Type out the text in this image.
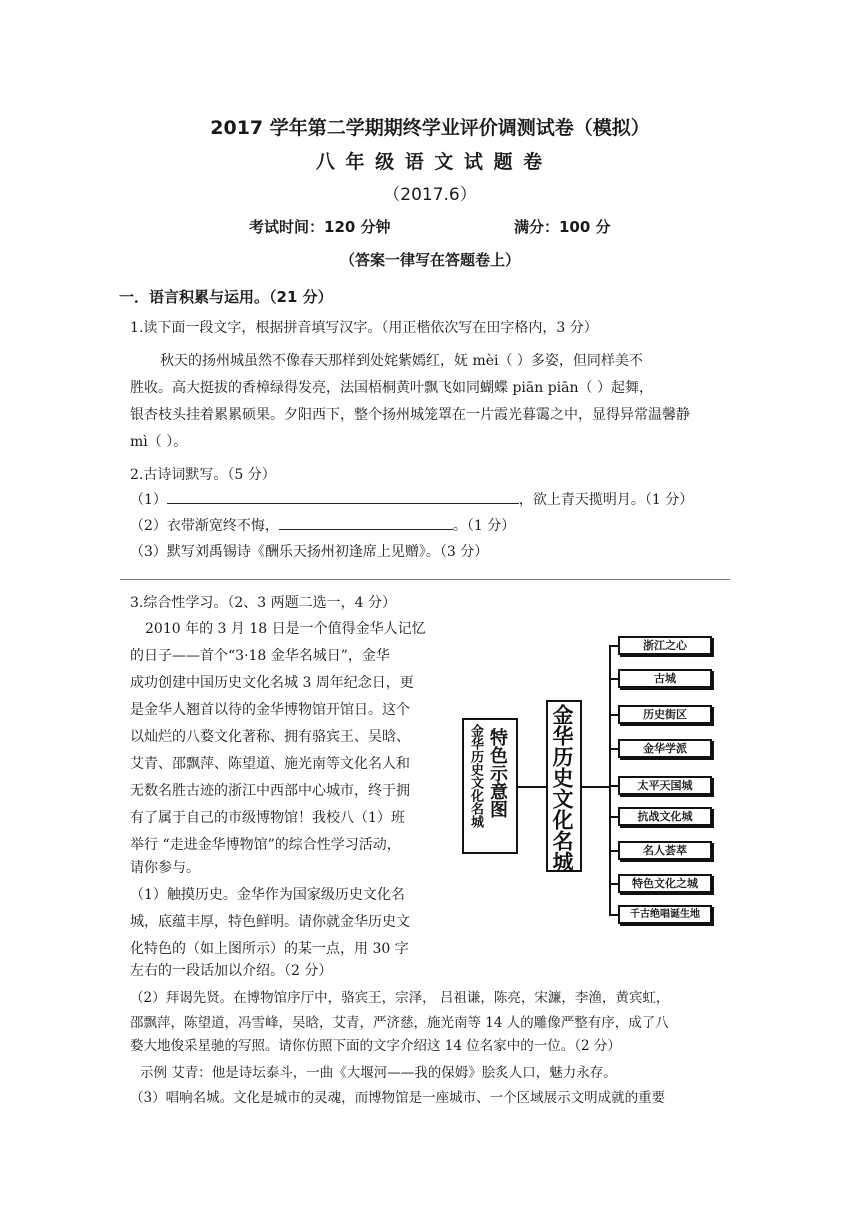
2017 学年第二学期期终学业评价调测试卷（模拟）
八 年 级 语 文 试 题 卷
（2017.6）
考试时间：120 分钟	满分：100 分
（答案一律写在答题卷上）
一．语言积累与运用。（21 分）
1.读下面一段文字，根据拼音填写汉字。（用正楷依次写在田字格内，3 分）
秋天的扬州城虽然不像春天那样到处姹紫嫣红，妩 mèi（ ）多姿，但同样美不
胜收。高大挺拔的香樟绿得发亮，法国梧桐黄叶飘飞如同蝴蝶 piān piān（ ）起舞，
银杏枝头挂着累累硕果。夕阳西下，整个扬州城笼罩在一片霞光暮霭之中，显得异常温馨静
mì（ ）。
2.古诗词默写。（5 分）
（1）	，欲上青天揽明月。（1 分）
（2）衣带渐宽终不悔，	。（1 分）
（3）默写刘禹锡诗《酬乐天扬州初逢席上见赠》。（3 分）
3.综合性学习。（2、3 两题二选一，4 分）
2010 年的 3 月 18 日是一个值得金华人记忆
的日子——首个“3·18 金华名城日”，金华
成功创建中国历史文化名城 3 周年纪念日，更
是金华人翘首以待的金华博物馆开馆日。这个
以灿烂的八婺文化著称、拥有骆宾王、吴晗、
艾青、邵飘萍、陈望道、施光南等文化名人和
无数名胜古迹的浙江中西部中心城市，终于拥
有了属于自己的市级博物馆！我校八（1）班
举行 “走进金华博物馆”的综合性学习活动，
请你参与。
（1）触摸历史。金华作为国家级历史文化名
城，底蕴丰厚，特色鲜明。请你就金华历史文
化特色的（如上图所示）的某一点，用 30 字
左右的一段话加以介绍。（2 分）
（2）拜谒先贤。在博物馆序厅中，骆宾王，宗泽， 吕祖谦，陈亮，宋濂，李渔，黄宾虹，
邵飘萍，陈望道，冯雪峰，吴晗，艾青，严济慈，施光南等 14 人的雕像严整有序，成了八
婺大地俊采星驰的写照。请你仿照下面的文字介绍这 14 位名家中的一位。（2 分）
示例 艾青：他是诗坛泰斗，一曲《大堰河——我的保姆》脍炙人口，魅力永存。
（3）唱响名城。文化是城市的灵魂，而博物馆是一座城市、一个区域展示文明成就的重要
金华历史文化名城 特色示意图 金华历史文化名城
浙江之心
古城
历史街区
金华学派
太平天国城
抗战文化城
名人荟萃
特色文化之城
千古绝唱诞生地
